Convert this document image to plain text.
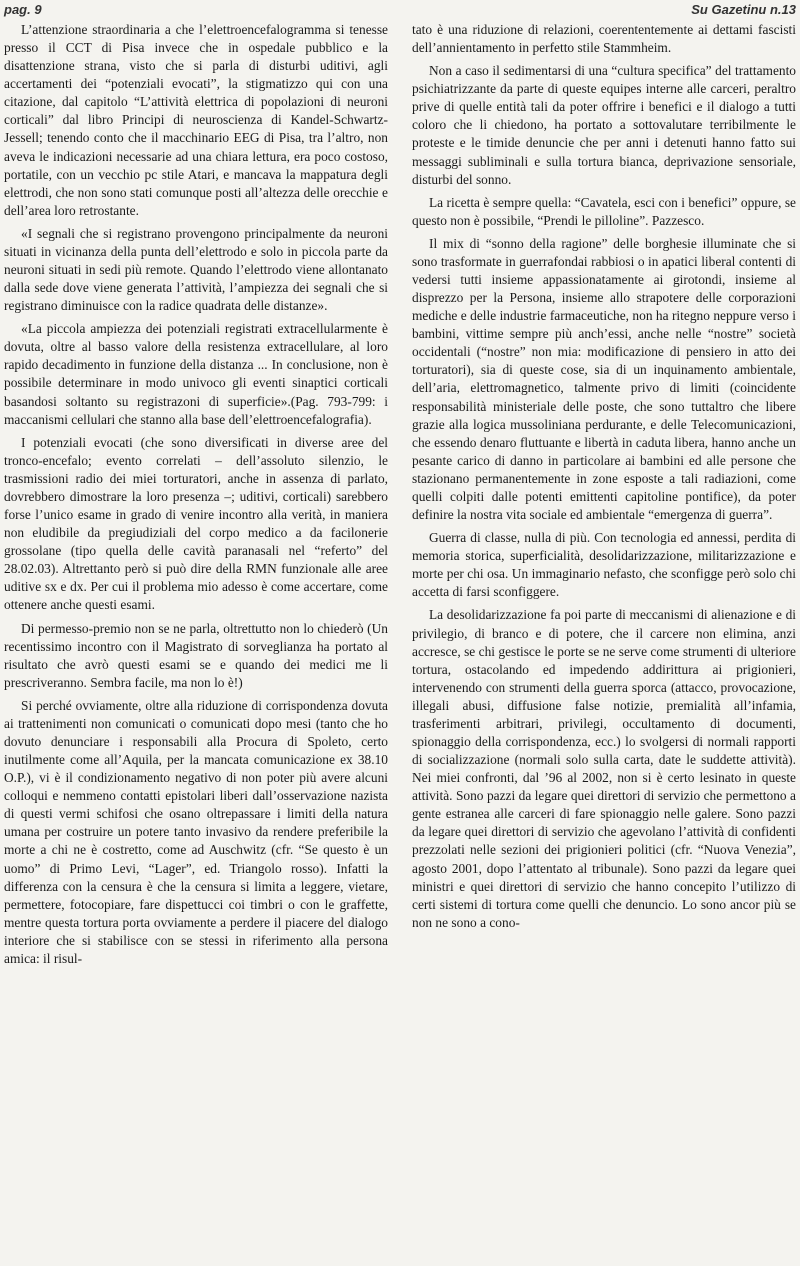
pag. 9	Su Gazetinu n.13

L’attenzione straordinaria a che l’elettroencefalogramma si tenesse presso il CCT di Pisa invece che in ospedale pubblico e la disattenzione strana, visto che si parla di disturbi uditivi, agli accertamenti dei “potenziali evocati”, la stigmatizzo qui con una citazione, dal capitolo “L’attività elettrica di popolazioni di neuroni corticali” dal libro Principi di neuroscienza di Kandel-Schwartz-Jessell; tenendo conto che il macchinario EEG di Pisa, tra l’altro, non aveva le indicazioni necessarie ad una chiara lettura, era poco costoso, portatile, con un vecchio pc stile Atari, e mancava la mappatura degli elettrodi, che non sono stati comunque posti all’altezza delle orecchie e dell’area loro retrostante.

«I segnali che si registrano provengono principalmente da neuroni situati in vicinanza della punta dell’elettrodo e solo in piccola parte da neuroni situati in sedi più remote. Quando l’elettrodo viene allontanato dalla sede dove viene generata l’attività, l’ampiezza dei segnali che si registrano diminuisce con la radice quadrata delle distanze».

«La piccola ampiezza dei potenziali registrati extracellularmente è dovuta, oltre al basso valore della resistenza extracellulare, al loro rapido decadimento in funzione della distanza ... In conclusione, non è possibile determinare in modo univoco gli eventi sinaptici corticali basandosi soltanto su registrazoni di superficie».(Pag. 793-799: i maccanismi cellulari che stanno alla base dell’elettroencefalografia).

I potenziali evocati (che sono diversificati in diverse aree del tronco-encefalo; evento correlati – dell’assoluto silenzio, le trasmissioni radio dei miei torturatori, anche in assenza di parlato, dovrebbero dimostrare la loro presenza –; uditivi, corticali) sarebbero forse l’unico esame in grado di venire incontro alla verità, in maniera non eludibile da pregiudiziali del corpo medico a da facilonerie grossolane (tipo quella delle cavità paranasali nel “referto” del 28.02.03). Altrettanto però si può dire della RMN funzionale alle aree uditive sx e dx. Per cui il problema mio adesso è come accertare, come ottenere anche questi esami.

Di permesso-premio non se ne parla, oltrettutto non lo chiederò (Un recentissimo incontro con il Magistrato di sorveglianza ha portato al risultato che avrò questi esami se e quando dei medici me li prescriveranno. Sembra facile, ma non lo è!)

Si perché ovviamente, oltre alla riduzione di corrispondenza dovuta ai trattenimenti non comunicati o comunicati dopo mesi (tanto che ho dovuto denunciare i responsabili alla Procura di Spoleto, certo inutilmente come all’Aquila, per la mancata comunicazione ex 38.10 O.P.), vi è il condizionamento negativo di non poter più avere alcuni colloqui e nemmeno contatti epistolari liberi dall’osservazione nazista di questi vermi schifosi che osano oltrepassare i limiti della natura umana per costruire un potere tanto invasivo da rendere preferibile la morte a chi ne è costretto, come ad Auschwitz (cfr. “Se questo è un uomo” di Primo Levi, “Lager”, ed. Triangolo rosso). Infatti la differenza con la censura è che la censura si limita a leggere, vietare, permettere, fotocopiare, fare dispettucci coi timbri o con le graffette, mentre questa tortura porta ovviamente a perdere il piacere del dialogo interiore che si stabilisce con se stessi in riferimento alla persona amica: il risul-

tato è una riduzione di relazioni, coerententemente ai dettami fascisti dell’annientamento in perfetto stile Stammheim.

Non a caso il sedimentarsi di una “cultura specifica” del trattamento psichiatrizzante da parte di queste equipes interne alle carceri, peraltro prive di quelle entità tali da poter offrire i benefici e il dialogo a tutti coloro che li chiedono, ha portato a sottovalutare terribilmente le proteste e le timide denuncie che per anni i detenuti hanno fatto sui messaggi subliminali e sulla tortura bianca, deprivazione sensoriale, disturbi del sonno.

La ricetta è sempre quella: “Cavatela, esci con i benefici” oppure, se questo non è possibile, “Prendi le pilloline”. Pazzesco.

Il mix di “sonno della ragione” delle borghesie illuminate che si sono trasformate in guerrafondai rabbiosi o in apatici liberal contenti di vedersi tutti insieme appassionatamente ai girotondi, insieme al disprezzo per la Persona, insieme allo strapotere delle corporazioni mediche e delle industrie farmaceutiche, non ha ritegno neppure verso i bambini, vittime sempre più anch’essi, anche nelle “nostre” società occidentali (“nostre” non mia: modificazione di pensiero in atto dei torturatori), sia di queste cose, sia di un inquinamento ambientale, dell’aria, elettromagnetico, talmente privo di limiti (coincidente responsabilità ministeriale delle poste, che sono tuttaltro che libere grazie alla logica mussoliniana perdurante, e delle Telecomunicazioni, che essendo denaro fluttuante e libertà in caduta libera, hanno anche un pesante carico di danno in particolare ai bambini ed alle persone che stazionano permanentemente in zone esposte a tali radiazioni, come quelli colpiti dalle potenti emittenti capitoline pontifice), da poter definire la nostra vita sociale ed ambientale “emergenza di guerra”.

Guerra di classe, nulla di più. Con tecnologia ed annessi, perdita di memoria storica, superficialità, desolidarizzazione, militarizzazione e morte per chi osa. Un immaginario nefasto, che sconfigge però solo chi accetta di farsi sconfiggere.

La desolidarizzazione fa poi parte di meccanismi di alienazione e di privilegio, di branco e di potere, che il carcere non elimina, anzi accresce, se chi gestisce le porte se ne serve come strumenti di ulteriore tortura, ostacolando ed impedendo addirittura ai prigionieri, intervenendo con strumenti della guerra sporca (attacco, provocazione, illegali abusi, diffusione false notizie, premialità all’infamia, trasferimenti arbitrari, privilegi, occultamento di documenti, spionaggio della corrispondenza, ecc.) lo svolgersi di normali rapporti di socializzazione (normali solo sulla carta, date le suddette attività). Nei miei confronti, dal ’96 al 2002, non si è certo lesinato in queste attività. Sono pazzi da legare quei direttori di servizio che permettono a gente estranea alle carceri di fare spionaggio nelle galere. Sono pazzi da legare quei direttori di servizio che agevolano l’attività di confidenti prezzolati nelle sezioni dei prigionieri politici (cfr. “Nuova Venezia”, agosto 2001, dopo l’attentato al tribunale). Sono pazzi da legare quei ministri e quei direttori di servizio che hanno concepito l’utilizzo di certi sistemi di tortura come quelli che denuncio. Lo sono ancor più se non ne sono a cono-
